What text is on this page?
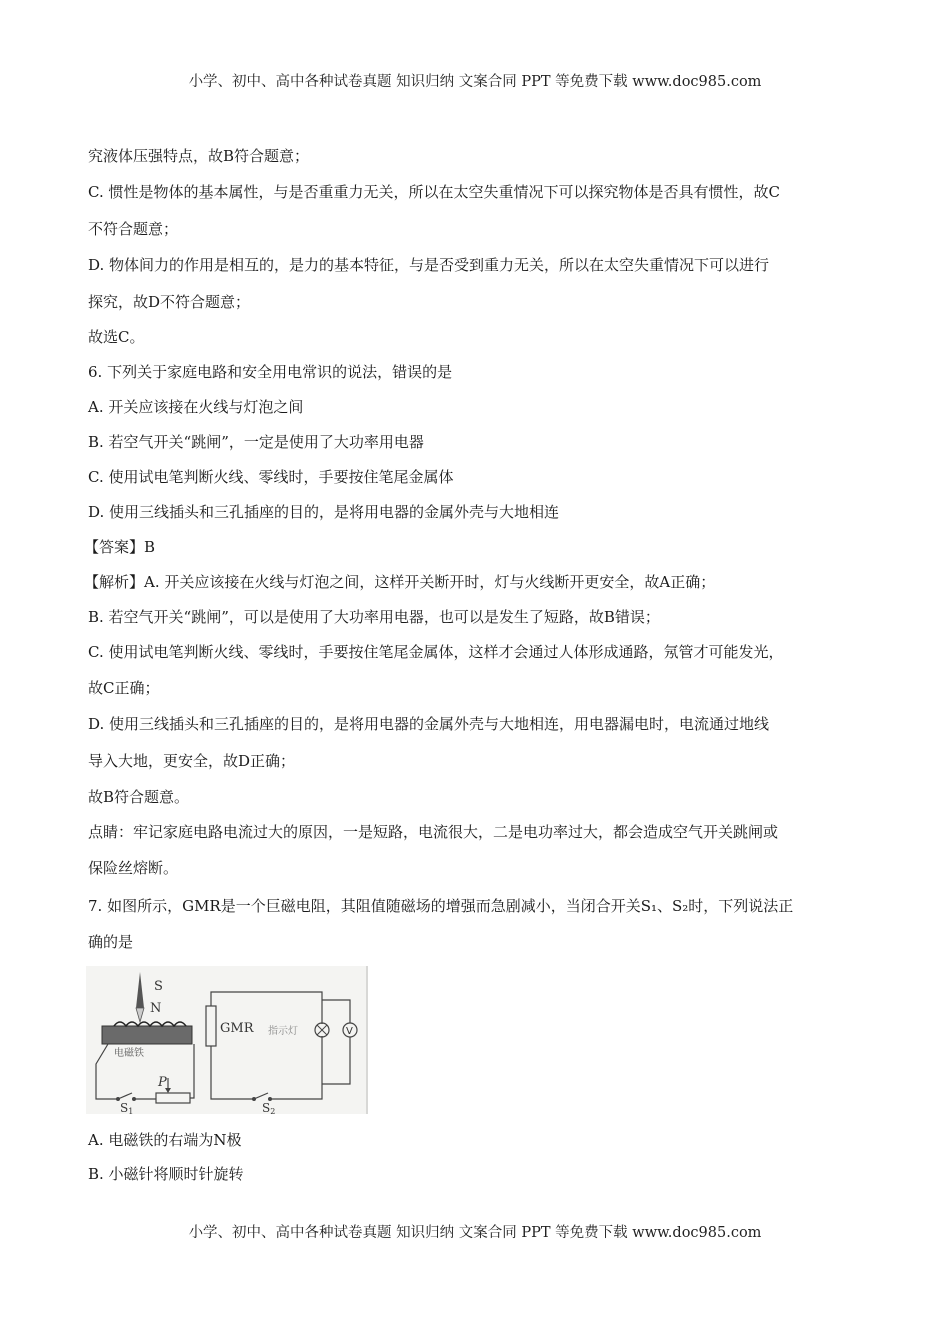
小学、初中、高中各种试卷真题 知识归纳 文案合同 PPT 等免费下载 www.doc985.com
究液体压强特点，故B符合题意；
C. 惯性是物体的基本属性，与是否重重力无关，所以在太空失重情况下可以探究物体是否具有惯性，故C
不符合题意；
D. 物体间力的作用是相互的，是力的基本特征，与是否受到重力无关，所以在太空失重情况下可以进行
探究，故D不符合题意；
故选C。
6. 下列关于家庭电路和安全用电常识的说法，错误的是
A. 开关应该接在火线与灯泡之间
B. 若空气开关“跳闸”，一定是使用了大功率用电器
C. 使用试电笔判断火线、零线时，手要按住笔尾金属体
D. 使用三线插头和三孔插座的目的，是将用电器的金属外壳与大地相连
【答案】B
【解析】A. 开关应该接在火线与灯泡之间，这样开关断开时，灯与火线断开更安全，故A正确；
B. 若空气开关“跳闸”，可以是使用了大功率用电器，也可以是发生了短路，故B错误；
C. 使用试电笔判断火线、零线时，手要按住笔尾金属体，这样才会通过人体形成通路，氖管才可能发光，
故C正确；
D. 使用三线插头和三孔插座的目的，是将用电器的金属外壳与大地相连，用电器漏电时，电流通过地线
导入大地，更安全，故D正确；
故B符合题意。
点睛：牢记家庭电路电流过大的原因，一是短路，电流很大，二是电功率过大，都会造成空气开关跳闸或
保险丝熔断。
7. 如图所示，GMR是一个巨磁电阻，其阻值随磁场的增强而急剧减小，当闭合开关S₁、S₂时，下列说法正
确的是
S
N
电磁铁
P
S1
GMR
S2
指示灯	V
A. 电磁铁的右端为N极
B. 小磁针将顺时针旋转
小学、初中、高中各种试卷真题 知识归纳 文案合同 PPT 等免费下载 www.doc985.com
